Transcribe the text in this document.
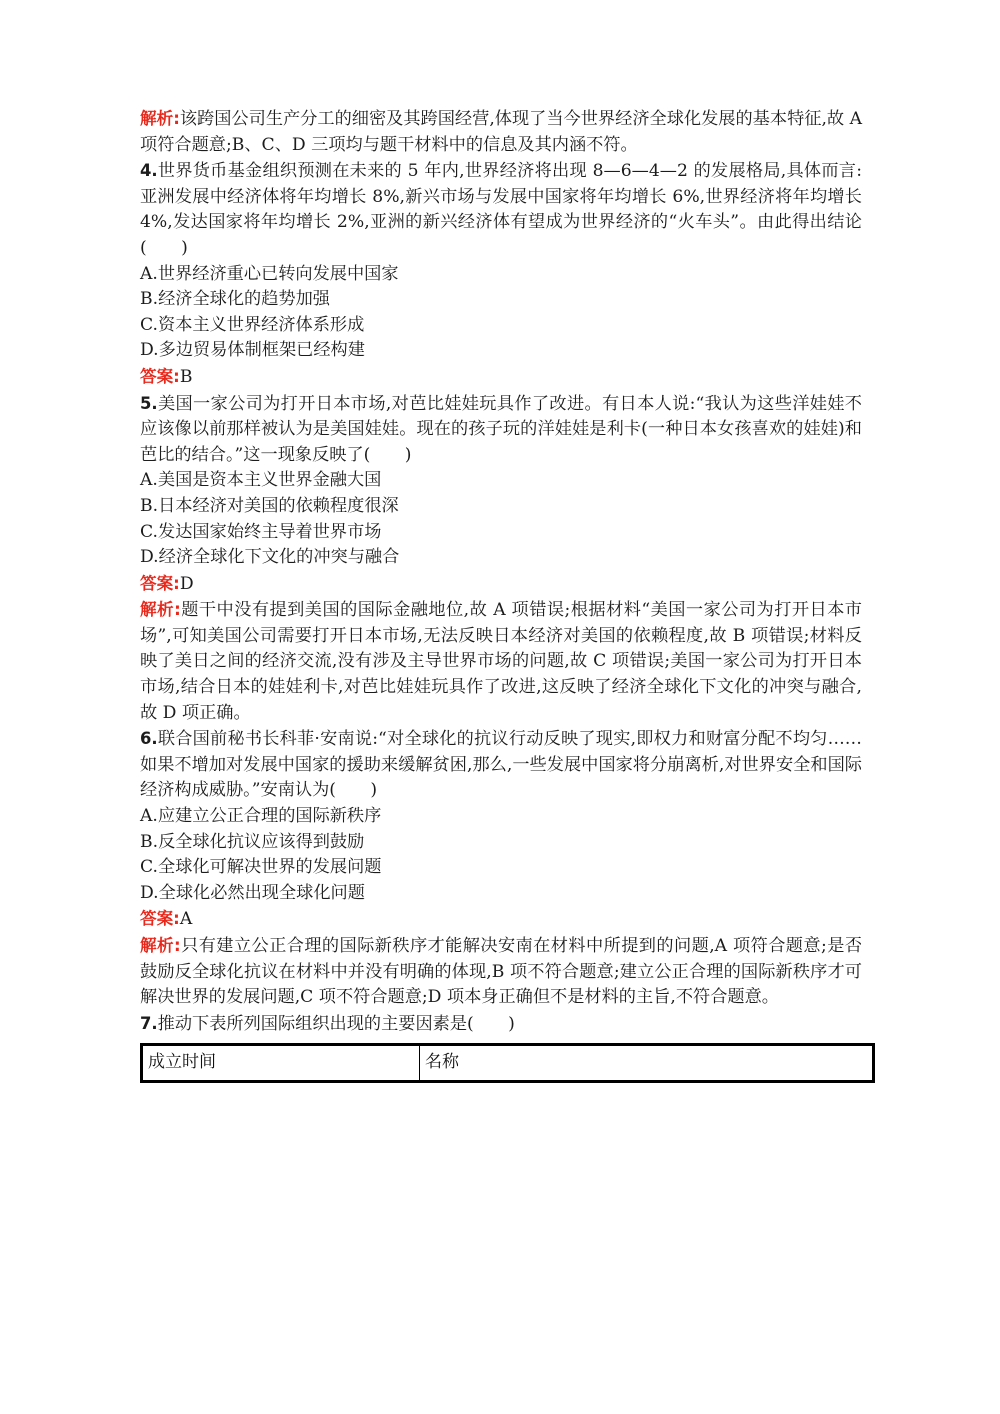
解析:该跨国公司生产分工的细密及其跨国经营,体现了当今世界经济全球化发展的基本特征,故 A 项符合题意;B、C、D 三项均与题干材料中的信息及其内涵不符。

4.世界货币基金组织预测在未来的 5 年内,世界经济将出现 8—6—4—2 的发展格局,具体而言:亚洲发展中经济体将年均增长 8%,新兴市场与发展中国家将年均增长 6%,世界经济将年均增长 4%,发达国家将年均增长 2%,亚洲的新兴经济体有望成为世界经济的“火车头”。由此得出结论(　　)

A.世界经济重心已转向发展中国家

B.经济全球化的趋势加强

C.资本主义世界经济体系形成

D.多边贸易体制框架已经构建

答案:B

5.美国一家公司为打开日本市场,对芭比娃娃玩具作了改进。有日本人说:“我认为这些洋娃娃不应该像以前那样被认为是美国娃娃。现在的孩子玩的洋娃娃是利卡(一种日本女孩喜欢的娃娃)和芭比的结合。”这一现象反映了(　　)

A.美国是资本主义世界金融大国

B.日本经济对美国的依赖程度很深

C.发达国家始终主导着世界市场

D.经济全球化下文化的冲突与融合

答案:D

解析:题干中没有提到美国的国际金融地位,故 A 项错误;根据材料“美国一家公司为打开日本市场”,可知美国公司需要打开日本市场,无法反映日本经济对美国的依赖程度,故 B 项错误;材料反映了美日之间的经济交流,没有涉及主导世界市场的问题,故 C 项错误;美国一家公司为打开日本市场,结合日本的娃娃利卡,对芭比娃娃玩具作了改进,这反映了经济全球化下文化的冲突与融合,故 D 项正确。

6.联合国前秘书长科菲·安南说:“对全球化的抗议行动反映了现实,即权力和财富分配不均匀……如果不增加对发展中国家的援助来缓解贫困,那么,一些发展中国家将分崩离析,对世界安全和国际经济构成威胁。”安南认为(　　)

A.应建立公正合理的国际新秩序

B.反全球化抗议应该得到鼓励

C.全球化可解决世界的发展问题

D.全球化必然出现全球化问题

答案:A

解析:只有建立公正合理的国际新秩序才能解决安南在材料中所提到的问题,A 项符合题意;是否鼓励反全球化抗议在材料中并没有明确的体现,B 项不符合题意;建立公正合理的国际新秩序才可解决世界的发展问题,C 项不符合题意;D 项本身正确但不是材料的主旨,不符合题意。

7.推动下表所列国际组织出现的主要因素是(　　)

成立时间	名称
